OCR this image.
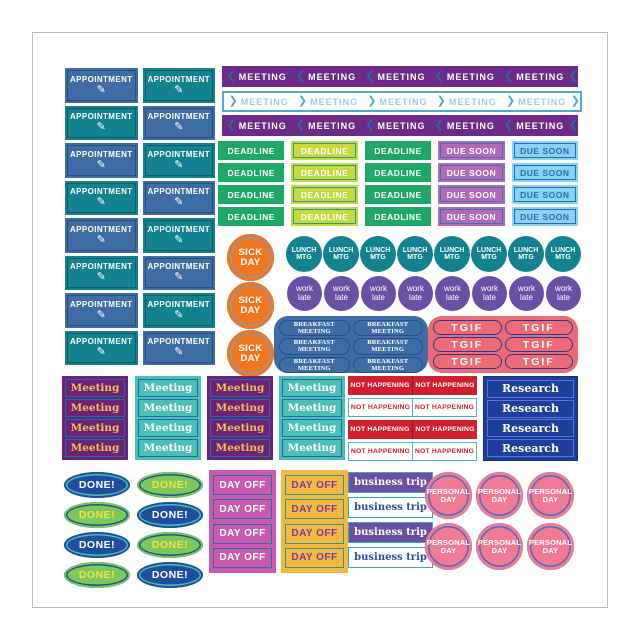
APPOINTMENT
✎
APPOINTMENT
✎
APPOINTMENT
✎
APPOINTMENT
✎
APPOINTMENT
✎
APPOINTMENT
✎
APPOINTMENT
✎
APPOINTMENT
✎
APPOINTMENT
✎
APPOINTMENT
✎
APPOINTMENT
✎
APPOINTMENT
✎
APPOINTMENT
✎
APPOINTMENT
✎
APPOINTMENT
✎
APPOINTMENT
✎
❮ MEETING ❮ MEETING ❮ MEETING ❮ MEETING ❮ MEETING ❮
❯ MEETING ❯ MEETING ❯ MEETING ❯ MEETING ❯ MEETING ❯
❮ MEETING ❮ MEETING ❮ MEETING ❮ MEETING ❮ MEETING ❮
DEADLINE	DEADLINE	DEADLINE	DUE SOON	DUE SOON
DEADLINE	DEADLINE	DEADLINE	DUE SOON	DUE SOON
DEADLINE	DEADLINE	DEADLINE	DUE SOON	DUE SOON
DEADLINE	DEADLINE	DEADLINE	DUE SOON	DUE SOON
SICK
DAY
SICK
DAY
SICK
DAY
LUNCH
MTG
LUNCH
MTG
LUNCH
MTG
LUNCH
MTG
LUNCH
MTG
LUNCH
MTG
LUNCH
MTG
LUNCH
MTG
work
late
work
late
work
late
work
late
work
late
work
late
work
late
work
late
BREAKFAST
MEETING
BREAKFAST
MEETING
BREAKFAST
MEETING
BREAKFAST
MEETING
BREAKFAST
MEETING
BREAKFAST
MEETING
TGIF	TGIF
TGIF	TGIF
TGIF	TGIF
Meeting
Meeting
Meeting
Meeting
Meeting
Meeting
Meeting
Meeting
Meeting
Meeting
Meeting
Meeting
Meeting
Meeting
Meeting
Meeting
NOT HAPPENING NOT HAPPENING
NOT HAPPENING NOT HAPPENING
NOT HAPPENING NOT HAPPENING
NOT HAPPENING NOT HAPPENING
Research
Research
Research
Research
DONE!	DONE!
DONE!	DONE!
DONE!	DONE!
DONE!	DONE!
DAY OFF
DAY OFF
DAY OFF
DAY OFF
DAY OFF
DAY OFF
DAY OFF
DAY OFF
business trip
business trip
business trip
business trip
PERSONAL
DAY
PERSONAL
DAY
PERSONAL
DAY
PERSONAL
DAY
PERSONAL
DAY
PERSONAL
DAY
